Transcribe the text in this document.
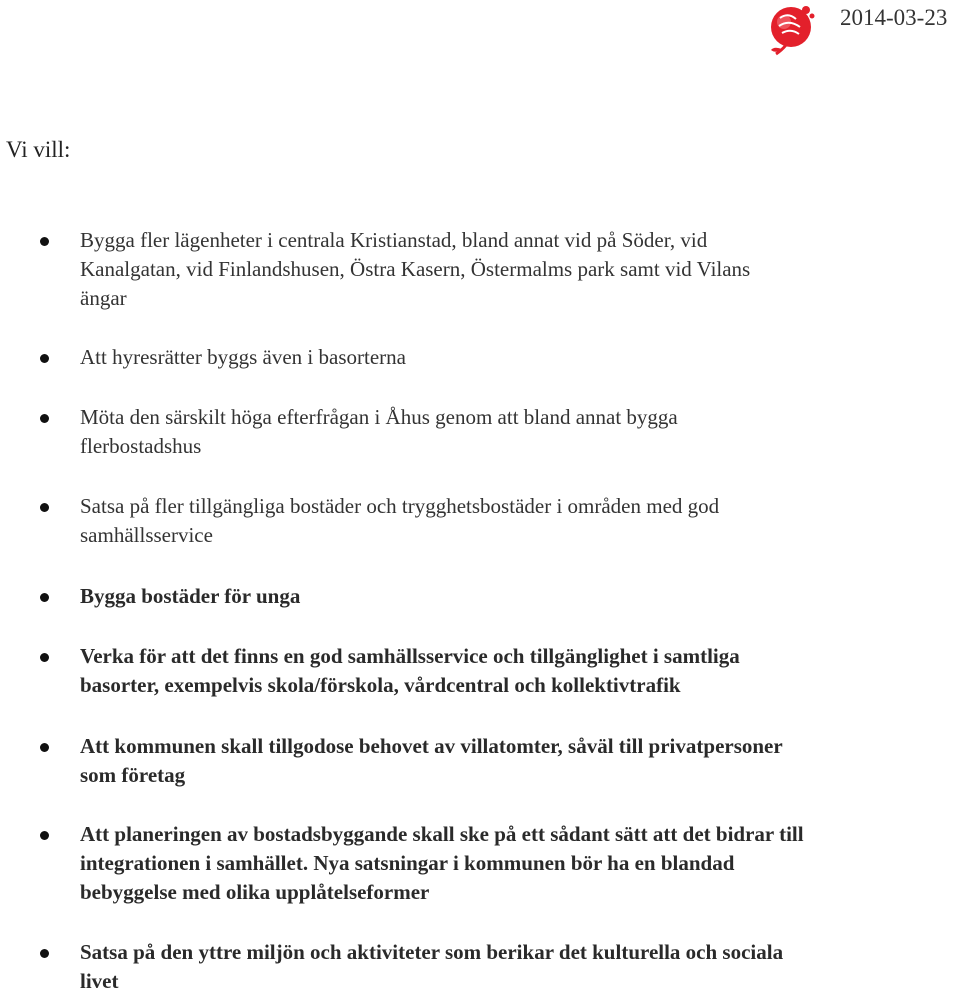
2014-03-23
Vi vill:
Bygga fler lägenheter i centrala Kristianstad, bland annat vid på Söder, vid
Kanalgatan, vid Finlandshusen, Östra Kasern, Östermalms park samt vid Vilans
ängar
Att hyresrätter byggs även i basorterna
Möta den särskilt höga efterfrågan i Åhus genom att bland annat bygga
flerbostadshus
Satsa på fler tillgängliga bostäder och trygghetsbostäder i områden med god
samhällsservice
Bygga bostäder för unga
Verka för att det finns en god samhällsservice och tillgänglighet i samtliga
basorter, exempelvis skola/förskola, vårdcentral och kollektivtrafik
Att kommunen skall tillgodose behovet av villatomter, såväl till privatpersoner
som företag
Att planeringen av bostadsbyggande skall ske på ett sådant sätt att det bidrar till
integrationen i samhället. Nya satsningar i kommunen bör ha en blandad
bebyggelse med olika upplåtelseformer
Satsa på den yttre miljön och aktiviteter som berikar det kulturella och sociala
livet
